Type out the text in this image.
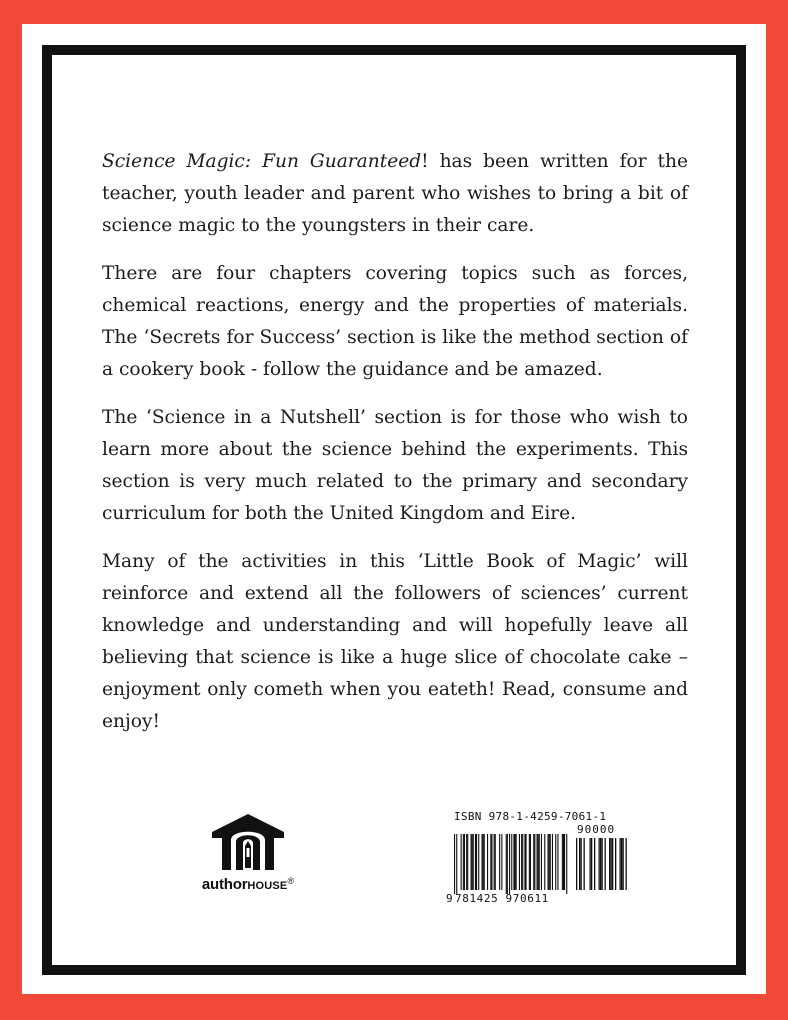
Science Magic: Fun Guaranteed! has been written for the teacher, youth leader and parent who wishes to bring a bit of science magic to the youngsters in their care.

There are four chapters covering topics such as forces, chemical reactions, energy and the properties of materials. The ‘Secrets for Success’ section is like the method section of a cookery book - follow the guidance and be amazed.

The ‘Science in a Nutshell’ section is for those who wish to learn more about the science behind the experiments. This section is very much related to the primary and secondary curriculum for both the United Kingdom and Eire.

Many of the activities in this ‘Little Book of Magic’ will reinforce and extend all the followers of sciences’ current knowledge and understanding and will hopefully leave all believing that science is like a huge slice of chocolate cake – enjoyment only cometh when you eateth! Read, consume and enjoy!

authorHOUSE®
ISBN 978-1-4259-7061-1
90000
9 781425 970611
